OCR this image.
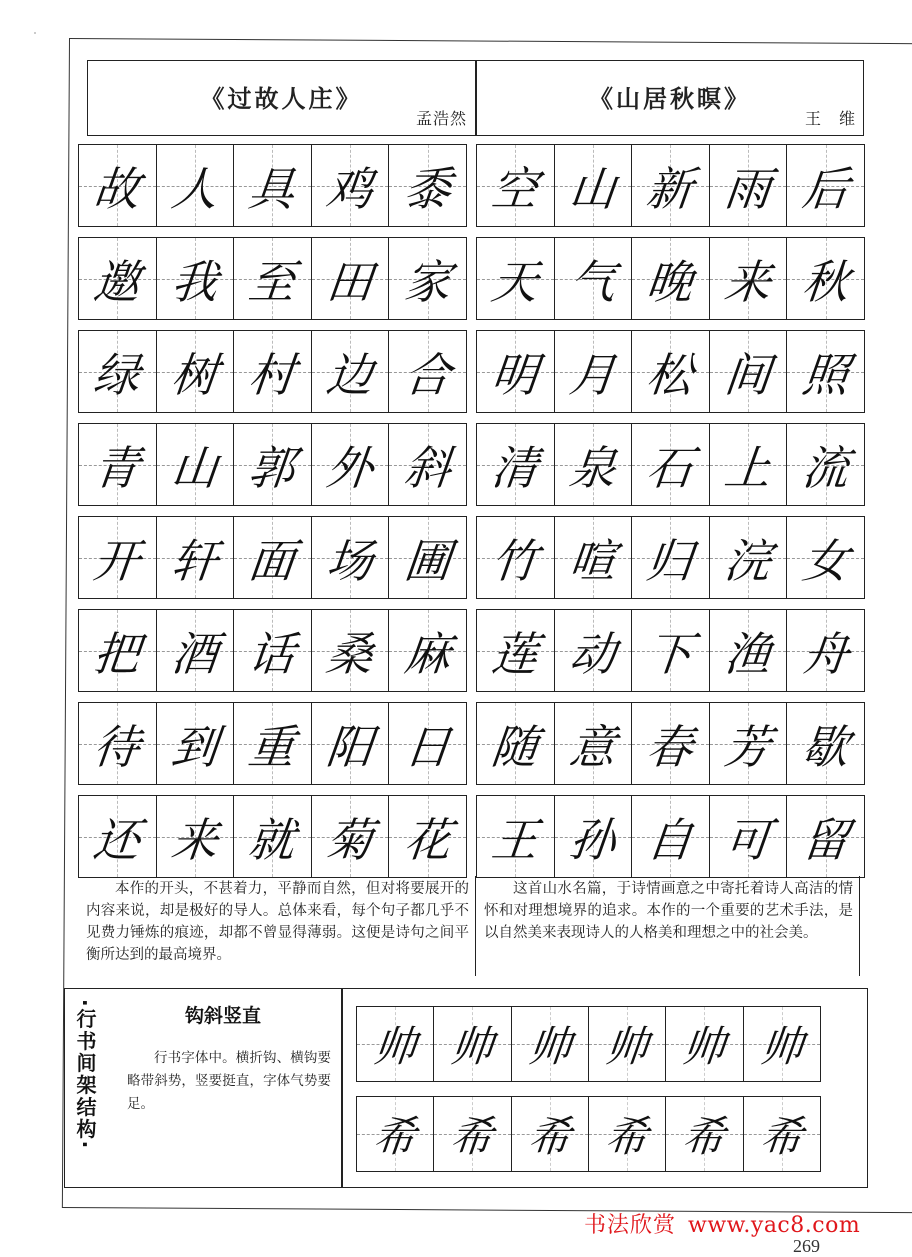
《过故人庄》
孟浩然
《山居秋暝》
王维
故 人 具 鸡 黍
邀 我 至 田 家
绿 树 村 边 合
青 山 郭 外 斜
开 轩 面 场 圃
把 酒 话 桑 麻
待 到 重 阳 日
还 来 就 菊 花
空 山 新 雨 后
天 气 晚 来 秋
明 月 松 间 照
清 泉 石 上 流
竹 喧 归 浣 女
莲 动 下 渔 舟
随 意 春 芳 歇
王 孙 自 可 留

本作的开头，不甚着力，平静而自然，但对将要展开的内容来说，却是极好的导人。总体来看，每个句子都几乎不见费力锤炼的痕迹，却都不曾显得薄弱。这便是诗句之间平衡所达到的最高境界。

这首山水名篇，于诗情画意之中寄托着诗人高洁的情怀和对理想境界的追求。本作的一个重要的艺术手法，是以自然美来表现诗人的人格美和理想之中的社会美。

·行书间架结构·	钩斜竖直

行书字体中。横折钩、横钩要略带斜势，竖要挺直，字体气势要足。

帅 帅 帅 帅 帅 帅
希 希 希 希 希 希
书法欣赏 www.yac8.com
269
